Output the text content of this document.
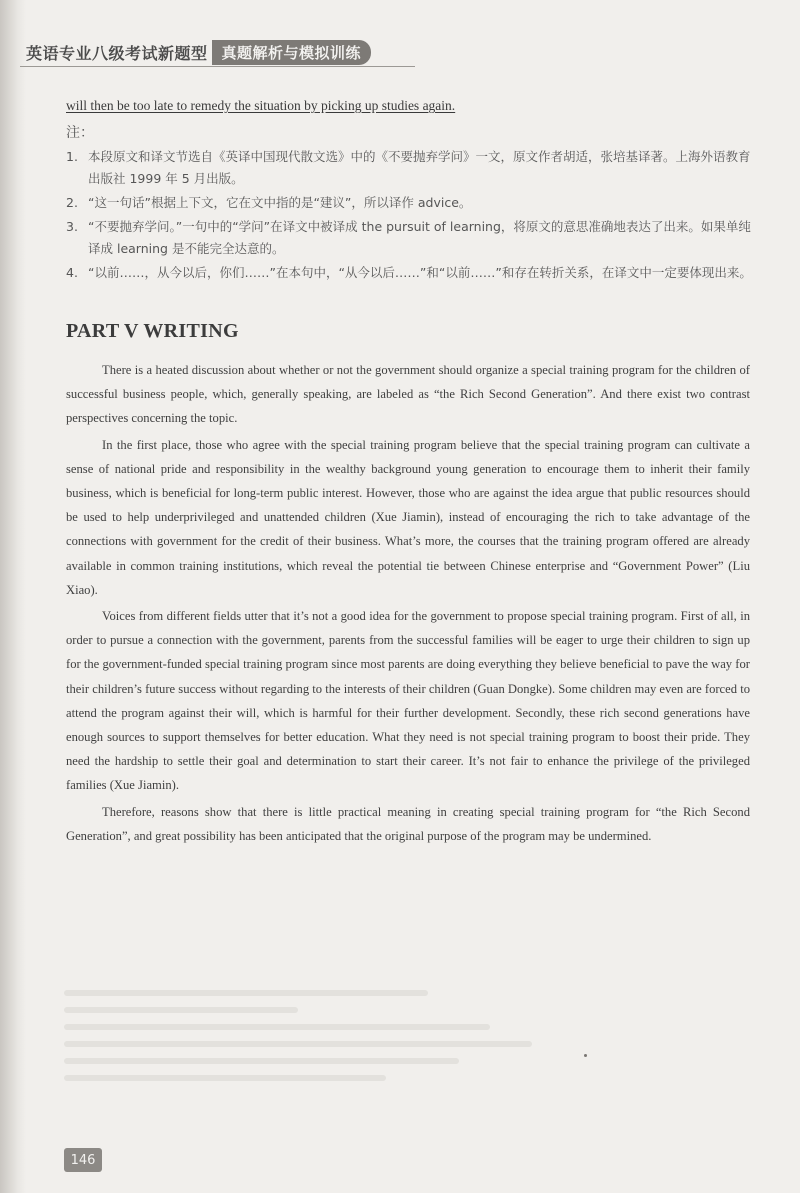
英语专业八级考试新题型 真题解析与模拟训练
will then be too late to remedy the situation by picking up studies again.
注：
1. 本段原文和译文节选自《英译中国现代散文选》中的《不要抛弃学问》一文，原文作者胡适，张培基译著。上海外语教育出版社 1999 年 5 月出版。
2. “这一句话”根据上下文，它在文中指的是“建议”，所以译作 advice。
3. “不要抛弃学问。”一句中的“学问”在译文中被译成 the pursuit of learning，将原文的意思准确地表达了出来。如果单纯译成 learning 是不能完全达意的。
4. “以前……，从今以后，你们……”在本句中，“从今以后……”和“以前……”和存在转折关系，在译文中一定要体现出来。
PART V WRITING

There is a heated discussion about whether or not the government should organize a special training program for the children of successful business people, which, generally speaking, are labeled as “the Rich Second Generation”. And there exist two contrast perspectives concerning the topic.

In the first place, those who agree with the special training program believe that the special training program can cultivate a sense of national pride and responsibility in the wealthy background young generation to encourage them to inherit their family business, which is beneficial for long-term public interest. However, those who are against the idea argue that public resources should be used to help underprivileged and unattended children (Xue Jiamin), instead of encouraging the rich to take advantage of the connections with government for the credit of their business. What’s more, the courses that the training program offered are already available in common training institutions, which reveal the potential tie between Chinese enterprise and “Government Power” (Liu Xiao).

Voices from different fields utter that it’s not a good idea for the government to propose special training program. First of all, in order to pursue a connection with the government, parents from the successful families will be eager to urge their children to sign up for the government-funded special training program since most parents are doing everything they believe beneficial to pave the way for their children’s future success without regarding to the interests of their children (Guan Dongke). Some children may even are forced to attend the program against their will, which is harmful for their further development. Secondly, these rich second generations have enough sources to support themselves for better education. What they need is not special training program to boost their pride. They need the hardship to settle their goal and determination to start their career. It’s not fair to enhance the privilege of the privileged families (Xue Jiamin).

Therefore, reasons show that there is little practical meaning in creating special training program for “the Rich Second Generation”, and great possibility has been anticipated that the original purpose of the program may be undermined.

146
